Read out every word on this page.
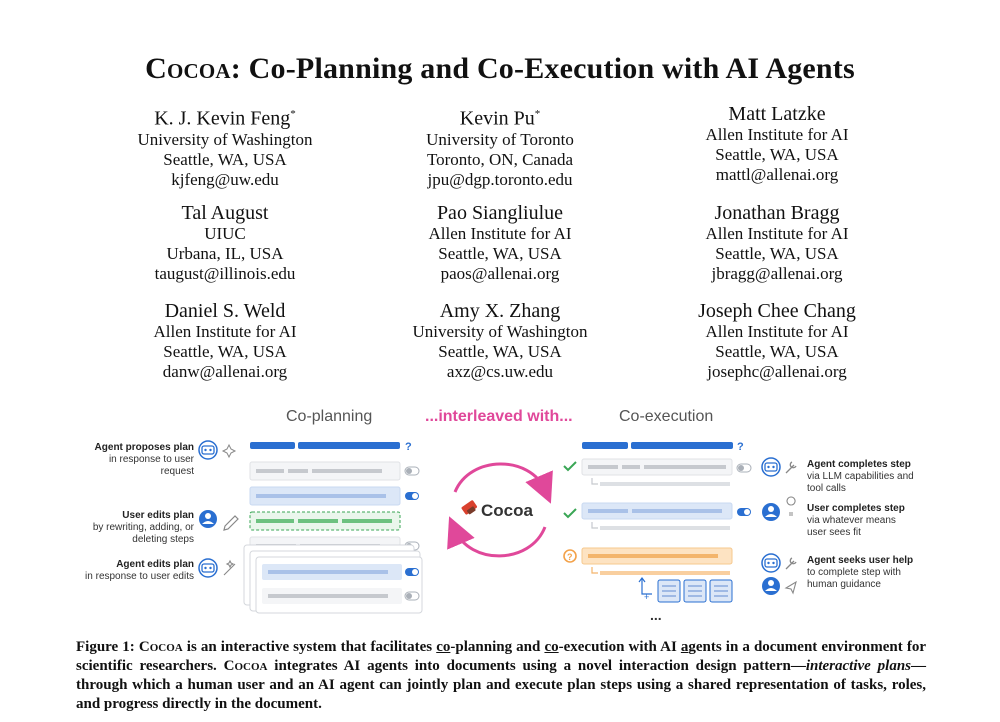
Cocoa: Co-Planning and Co-Execution with AI Agents
K. J. Kevin Feng*
University of Washington
Seattle, WA, USA
kjfeng@uw.edu
Kevin Pu*
University of Toronto
Toronto, ON, Canada
jpu@dgp.toronto.edu
Matt Latzke
Allen Institute for AI
Seattle, WA, USA
mattl@allenai.org
Tal August
UIUC
Urbana, IL, USA
taugust@illinois.edu
Pao Siangliulue
Allen Institute for AI
Seattle, WA, USA
paos@allenai.org
Jonathan Bragg
Allen Institute for AI
Seattle, WA, USA
jbragg@allenai.org
Daniel S. Weld
Allen Institute for AI
Seattle, WA, USA
danw@allenai.org
Amy X. Zhang
University of Washington
Seattle, WA, USA
axz@cs.uw.edu
Joseph Chee Chang
Allen Institute for AI
Seattle, WA, USA
josephc@allenai.org
Co-planning	...interleaved with...	Co-execution
Agent proposes plan
in response to user
request
User edits plan
by rewriting, adding, or
deleting steps
Agent edits plan
in response to user edits
Agent completes step
via LLM capabilities and
tool calls
User completes step
via whatever means
user sees fit
Agent seeks user help
to complete step with
human guidance
?
Cocoa
?
?
+
...
Figure 1: Cocoa is an interactive system that facilitates co-planning and co-execution with AI agents in a document environment for scientific researchers. Cocoa integrates AI agents into documents using a novel interaction design pattern—interactive plans—through which a human user and an AI agent can jointly plan and execute plan steps using a shared representation of tasks, roles, and progress directly in the document.
